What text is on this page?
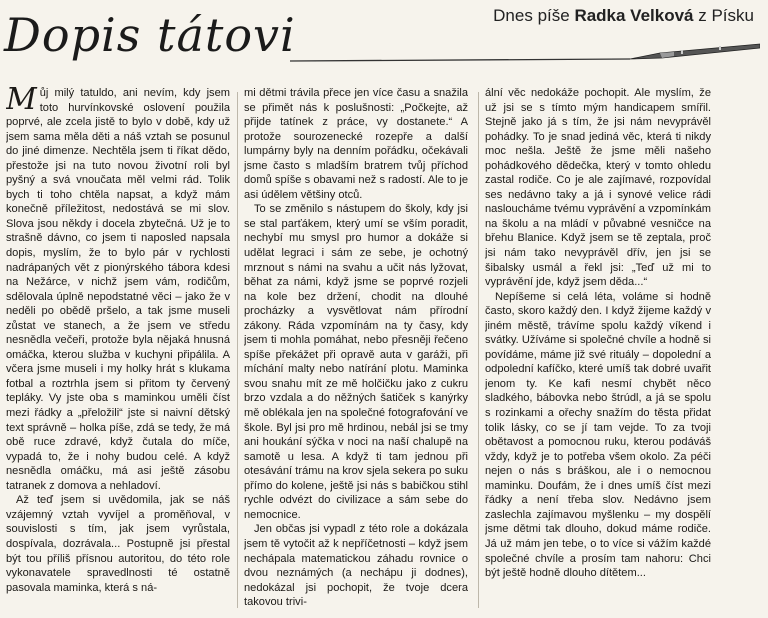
Dnes píše Radka Velková z Písku
Dopis tátovi

Můj milý tatuldo, ani nevím, kdy jsem toto hurvínkovské oslovení použila poprvé, ale zcela jistě to bylo v době, kdy už jsem sama měla děti a náš vztah se posunul do jiné dimenze. Nechtěla jsem ti říkat dědo, přestože jsi na tuto novou životní roli byl pyšný a svá vnoučata měl velmi rád. Tolik bych ti toho chtěla napsat, a když mám konečně příležitost, nedostává se mi slov. Slova jsou někdy i docela zbytečná. Už je to strašně dávno, co jsem ti naposled napsala dopis, myslím, že to bylo pár v rychlosti nadrápaných vět z pionýrského tábora kdesi na Nežárce, v nichž jsem vám, rodičům, sdělovala úplně nepodstatné věci – jako že v neděli po obědě pršelo, a tak jsme museli zůstat ve stanech, a že jsem ve středu nesnědla večeři, protože byla nějaká hnusná omáčka, kterou služba v kuchyni připálila. A včera jsme museli i my holky hrát s klukama fotbal a roztrhla jsem si přitom ty červený tepláky. Vy jste oba s maminkou uměli číst mezi řádky a „přeložili“ jste si naivní dětský text správně – holka píše, zdá se tedy, že má obě ruce zdravé, když čutala do míče, vypadá to, že i nohy budou celé. A když nesnědla omáčku, má asi ještě zásobu tatranek z domova a nehladoví.

Až teď jsem si uvědomila, jak se náš vzájemný vztah vyvíjel a proměňoval, v souvislosti s tím, jak jsem vyrůstala, dospívala, dozrávala... Postupně jsi přestal být tou příliš přísnou autoritou, do této role vykonavatele spravedlnosti té ostatně pasovala maminka, která s ná-

mi dětmi trávila přece jen více času a snažila se přimět nás k poslušnosti: „Počkejte, až přijde tatínek z práce, vy dostanete.“ A protože sourozenecké rozepře a další lumpárny byly na denním pořádku, očekávali jsme často s mladším bratrem tvůj příchod domů spíše s obavami než s radostí. Ale to je asi údělem většiny otců.

To se změnilo s nástupem do školy, kdy jsi se stal parťákem, který umí se vším poradit, nechybí mu smysl pro humor a dokáže si udělat legraci i sám ze sebe, je ochotný mrznout s námi na svahu a učit nás lyžovat, běhat za námi, když jsme se poprvé rozjeli na kole bez držení, chodit na dlouhé procházky a vysvětlovat nám přírodní zákony. Ráda vzpomínám na ty časy, kdy jsem ti mohla pomáhat, nebo přesněji řečeno spíše překážet při opravě auta v garáži, při míchání malty nebo natírání plotu. Maminka svou snahu mít ze mě holčičku jako z cukru brzo vzdala a do něžných šatiček s kanýrky mě oblékala jen na společné fotografování ve škole. Byl jsi pro mě hrdinou, nebál jsi se tmy ani houkání sýčka v noci na naší chalupě na samotě u lesa. A když ti tam jednou při otesávání trámu na krov sjela sekera po suku přímo do kolene, ještě jsi nás s babičkou stihl rychle odvézt do civilizace a sám sebe do nemocnice.

Jen občas jsi vypadl z této role a dokázala jsem tě vytočit až k nepříčetnosti – když jsem nechápala matematickou záhadu rovnice o dvou neznámých (a nechápu ji dodnes), nedokázal jsi pochopit, že tvoje dcera takovou trivi-

ální věc nedokáže pochopit. Ale myslím, že už jsi se s tímto mým handicapem smířil. Stejně jako já s tím, že jsi nám nevyprávěl pohádky. To je snad jediná věc, která ti nikdy moc nešla. Ještě že jsme měli našeho pohádkového dědečka, který v tomto ohledu zastal rodiče. Co je ale zajímavé, rozpovídal ses nedávno taky a já i synové velice rádi nasloucháme tvému vyprávění a vzpomínkám na školu a na mládí v půvabné vesničce na břehu Blanice. Když jsem se tě zeptala, proč jsi nám tako nevyprávěl dřív, jen jsi se šibalsky usmál a řekl jsi: „Teď už mi to vyprávění jde, když jsem děda...“

Nepíšeme si celá léta, voláme si hodně často, skoro každý den. I když žijeme každý v jiném městě, trávíme spolu každý víkend i svátky. Užíváme si společné chvíle a hodně si povídáme, máme již své rituály – dopolední a odpolední kafíčko, které umíš tak dobré uvařit jenom ty. Ke kafi nesmí chybět něco sladkého, bábovka nebo štrúdl, a já se spolu s rozinkami a ořechy snažím do těsta přidat tolik lásky, co se jí tam vejde. To za tvoji obětavost a pomocnou ruku, kterou podáváš vždy, když je to potřeba všem okolo. Za péči nejen o nás s bráškou, ale i o nemocnou maminku. Doufám, že i dnes umíš číst mezi řádky a není třeba slov. Nedávno jsem zaslechla zajímavou myšlenku – my dospělí jsme dětmi tak dlouho, dokud máme rodiče. Já už mám jen tebe, o to více si vážím každé společné chvíle a prosím tam nahoru: Chci být ještě hodně dlouho dítětem...
